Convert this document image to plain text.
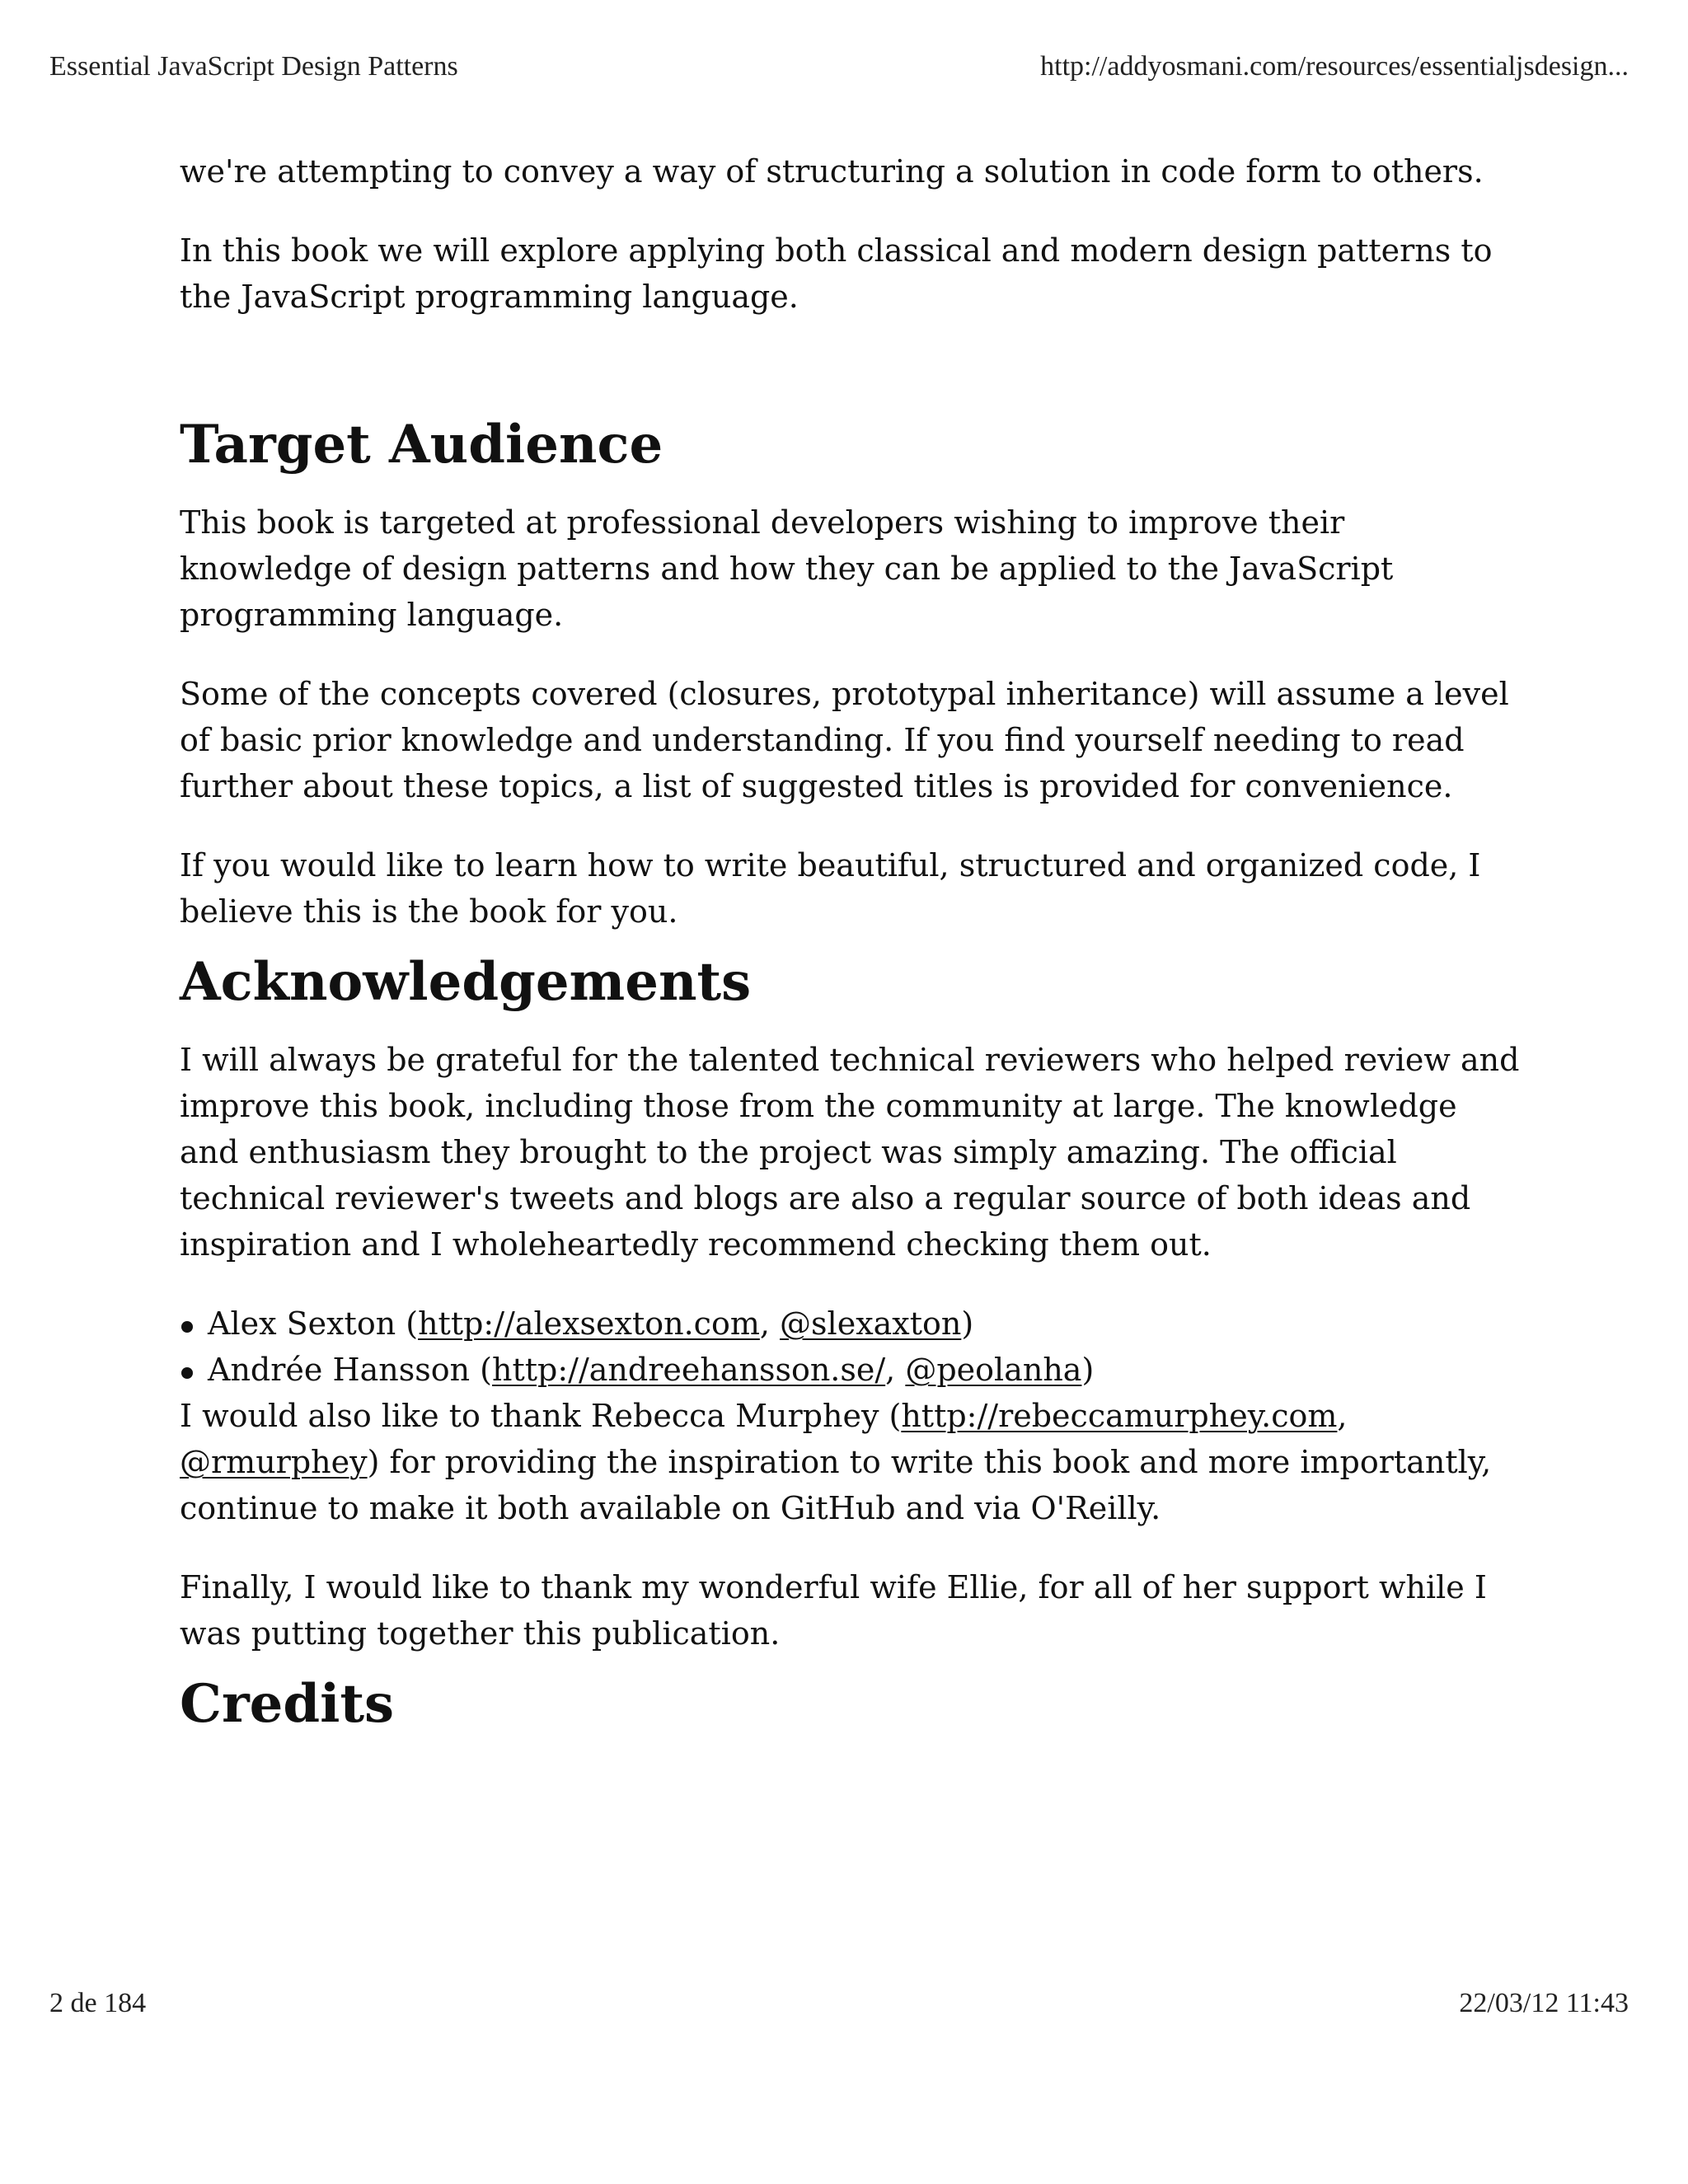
Essential JavaScript Design Patterns	http://addyosmani.com/resources/essentialjsdesign...

we're attempting to convey a way of structuring a solution in code form to others.

In this book we will explore applying both classical and modern design patterns to the JavaScript programming language.

Target Audience

This book is targeted at professional developers wishing to improve their knowledge of design patterns and how they can be applied to the JavaScript programming language.

Some of the concepts covered (closures, prototypal inheritance) will assume a level of basic prior knowledge and understanding. If you find yourself needing to read further about these topics, a list of suggested titles is provided for convenience.

If you would like to learn how to write beautiful, structured and organized code, I believe this is the book for you.

Acknowledgements

I will always be grateful for the talented technical reviewers who helped review and improve this book, including those from the community at large. The knowledge and enthusiasm they brought to the project was simply amazing. The official technical reviewer's tweets and blogs are also a regular source of both ideas and inspiration and I wholeheartedly recommend checking them out.

Alex Sexton (http://alexsexton.com, @slexaxton)
Andrée Hansson (http://andreehansson.se/, @peolanha)

I would also like to thank Rebecca Murphey (http://rebeccamurphey.com, @rmurphey) for providing the inspiration to write this book and more importantly, continue to make it both available on GitHub and via O'Reilly.

Finally, I would like to thank my wonderful wife Ellie, for all of her support while I was putting together this publication.

Credits
2 de 184	22/03/12 11:43
